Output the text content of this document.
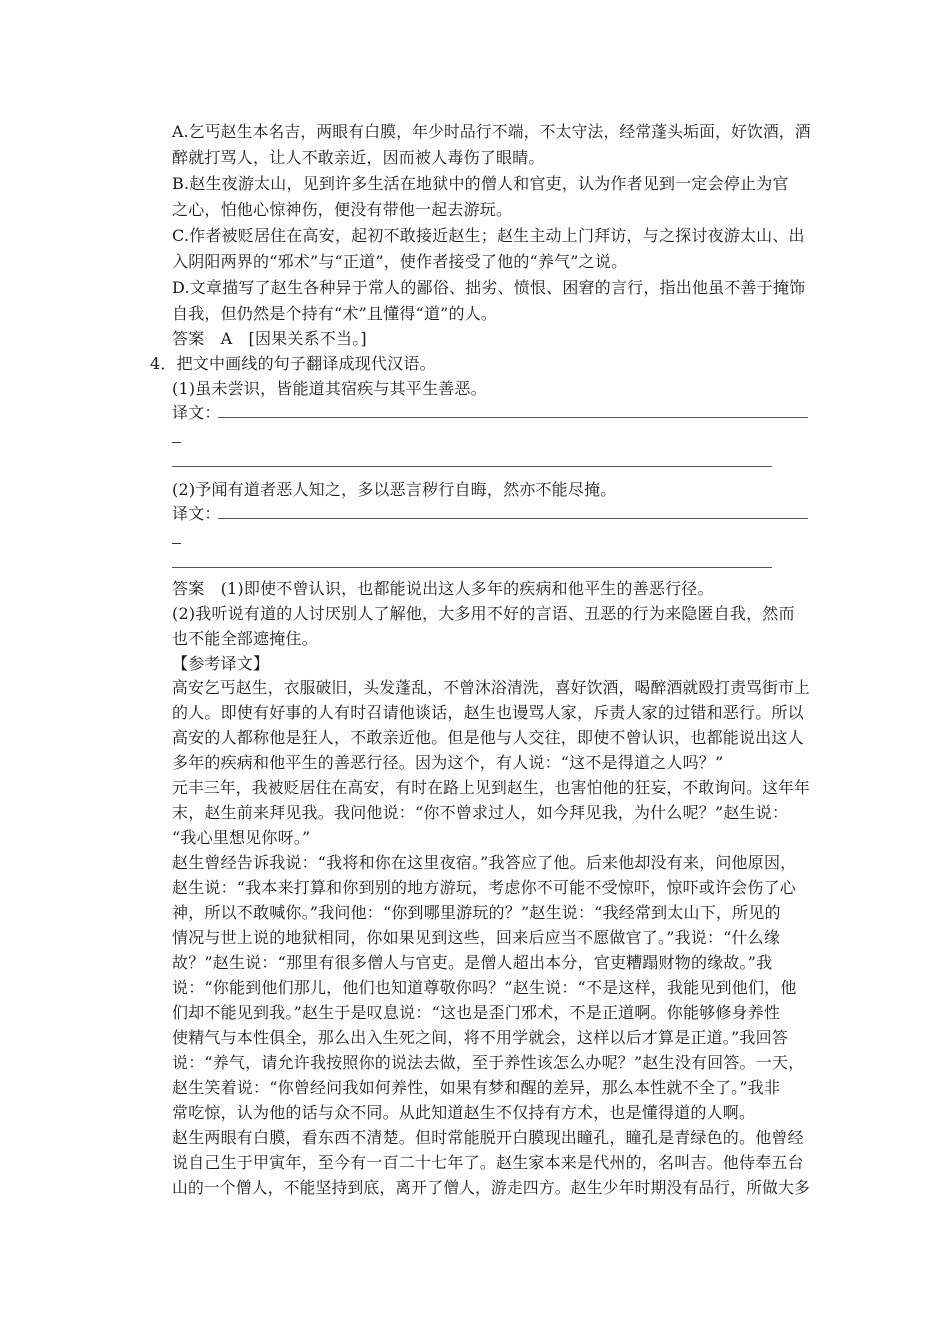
A.乞丐赵生本名吉，两眼有白膜，年少时品行不端，不太守法，经常蓬头垢面，好饮酒，酒
醉就打骂人，让人不敢亲近，因而被人毒伤了眼睛。
B.赵生夜游太山，见到许多生活在地狱中的僧人和官吏，认为作者见到一定会停止为官
之心，怕他心惊神伤，便没有带他一起去游玩。
C.作者被贬居住在高安，起初不敢接近赵生；赵生主动上门拜访，与之探讨夜游太山、出
入阴阳两界的“邪术”与“正道”，使作者接受了他的“养气”之说。
D.文章描写了赵生各种异于常人的鄙俗、拙劣、愤恨、困窘的言行，指出他虽不善于掩饰
自我，但仍然是个持有“术”且懂得“道”的人。
答案　A　[因果关系不当。]
4．把文中画线的句子翻译成现代汉语。
(1)虽未尝识，皆能道其宿疾与其平生善恶。
译文：
(2)予闻有道者恶人知之，多以恶言秽行自晦，然亦不能尽掩。
译文：
答案　(1)即使不曾认识，也都能说出这人多年的疾病和他平生的善恶行径。
(2)我听说有道的人讨厌别人了解他，大多用不好的言语、丑恶的行为来隐匿自我，然而
也不能全部遮掩住。
【参考译文】
高安乞丐赵生，衣服破旧，头发蓬乱，不曾沐浴清洗，喜好饮酒，喝醉酒就殴打责骂街市上
的人。即使有好事的人有时召请他谈话，赵生也谩骂人家，斥责人家的过错和恶行。所以
高安的人都称他是狂人，不敢亲近他。但是他与人交往，即使不曾认识，也都能说出这人
多年的疾病和他平生的善恶行径。因为这个，有人说：“这不是得道之人吗？”
元丰三年，我被贬居住在高安，有时在路上见到赵生，也害怕他的狂妄，不敢询问。这年年
末，赵生前来拜见我。我问他说：“你不曾求过人，如今拜见我，为什么呢？”赵生说：
“我心里想见你呀。”
赵生曾经告诉我说：“我将和你在这里夜宿。”我答应了他。后来他却没有来，问他原因，
赵生说：“我本来打算和你到别的地方游玩，考虑你不可能不受惊吓，惊吓或许会伤了心
神，所以不敢喊你。”我问他：“你到哪里游玩的？”赵生说：“我经常到太山下，所见的
情况与世上说的地狱相同，你如果见到这些，回来后应当不愿做官了。”我说：“什么缘
故？”赵生说：“那里有很多僧人与官吏。是僧人超出本分，官吏糟蹋财物的缘故。”我
说：“你能到他们那儿，他们也知道尊敬你吗？”赵生说：“不是这样，我能见到他们，他
们却不能见到我。”赵生于是叹息说：“这也是歪门邪术，不是正道啊。你能够修身养性
使精气与本性俱全，那么出入生死之间，将不用学就会，这样以后才算是正道。”我回答
说：“养气，请允许我按照你的说法去做，至于养性该怎么办呢？”赵生没有回答。一天，
赵生笑着说：“你曾经问我如何养性，如果有梦和醒的差异，那么本性就不全了。”我非
常吃惊，认为他的话与众不同。从此知道赵生不仅持有方术，也是懂得道的人啊。
赵生两眼有白膜，看东西不清楚。但时常能脱开白膜现出瞳孔，瞳孔是青绿色的。他曾经
说自己生于甲寅年，至今有一百二十七年了。赵生家本来是代州的，名叫吉。他侍奉五台
山的一个僧人，不能坚持到底，离开了僧人，游走四方。赵生少年时期没有品行，所做大多
